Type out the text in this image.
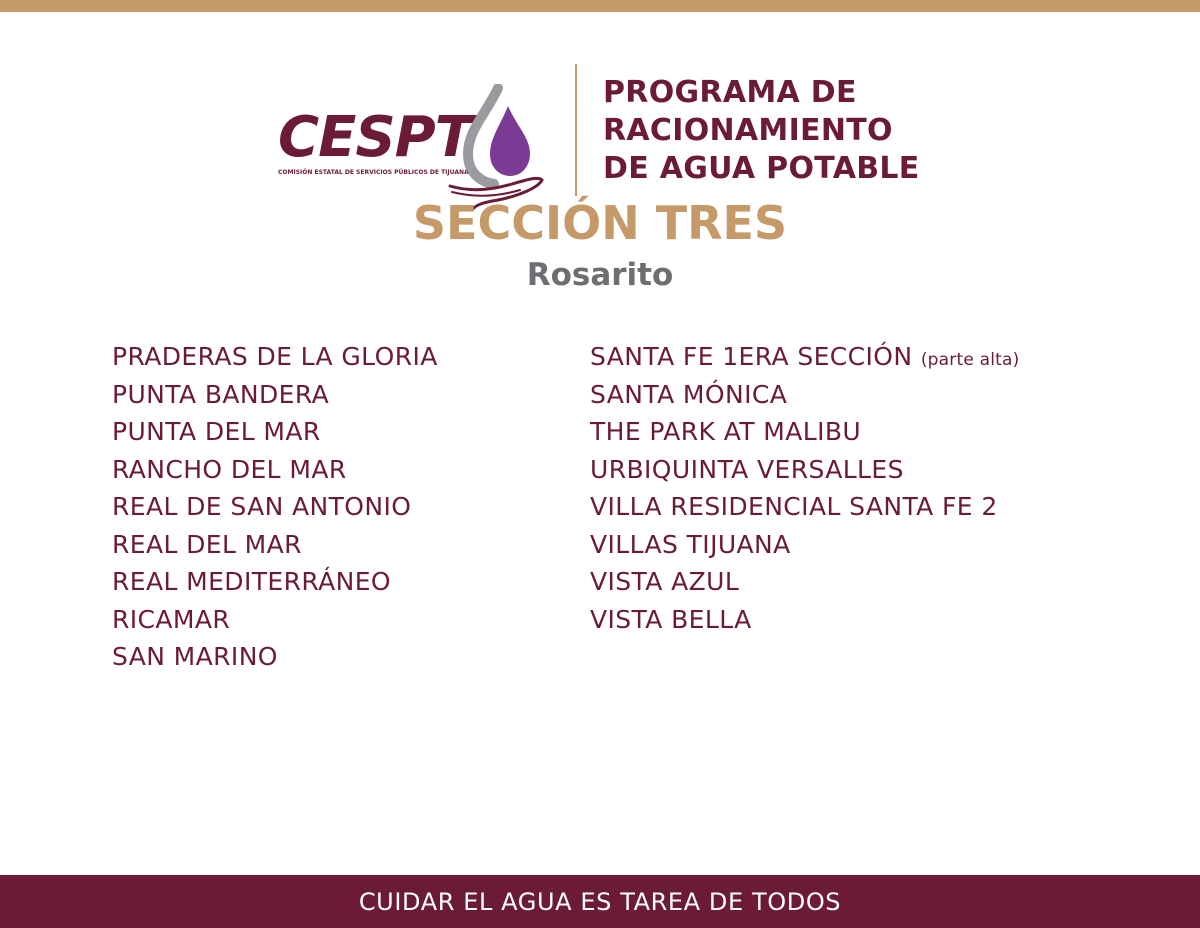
CESPT
COMISIÓN ESTATAL DE SERVICIOS PÚBLICOS DE TIJUANA
PROGRAMA DE
RACIONAMIENTO
DE AGUA POTABLE
SECCIÓN TRES
Rosarito
PRADERAS DE LA GLORIA
PUNTA BANDERA
PUNTA DEL MAR
RANCHO DEL MAR
REAL DE SAN ANTONIO
REAL DEL MAR
REAL MEDITERRÁNEO
RICAMAR
SAN MARINO
SANTA FE 1ERA SECCIÓN (parte alta)
SANTA MÓNICA
THE PARK AT MALIBU
URBIQUINTA VERSALLES
VILLA RESIDENCIAL SANTA FE 2
VILLAS TIJUANA
VISTA AZUL
VISTA BELLA
CUIDAR EL AGUA ES TAREA DE TODOS
